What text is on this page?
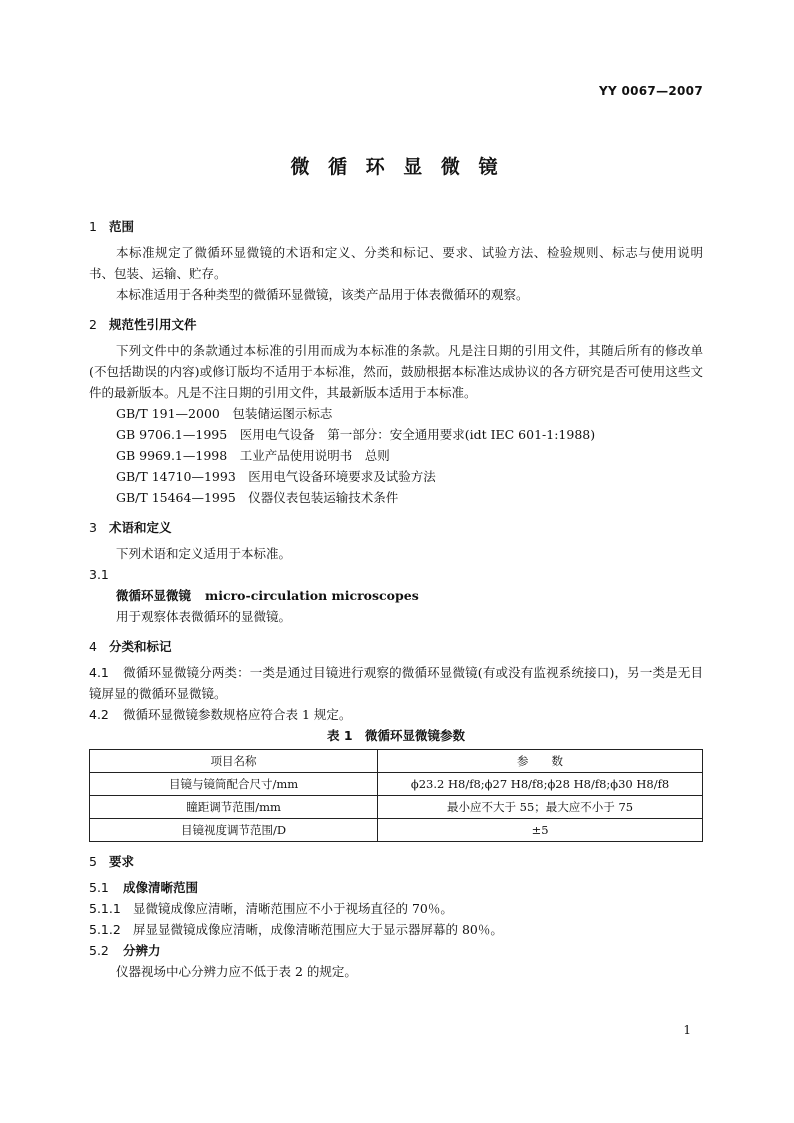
YY 0067—2007
微 循 环 显 微 镜

1 范围

本标准规定了微循环显微镜的术语和定义、分类和标记、要求、试验方法、检验规则、标志与使用说明书、包装、运输、贮存。

本标准适用于各种类型的微循环显微镜，该类产品用于体表微循环的观察。

2 规范性引用文件

下列文件中的条款通过本标准的引用而成为本标准的条款。凡是注日期的引用文件，其随后所有的修改单(不包括勘误的内容)或修订版均不适用于本标准，然而，鼓励根据本标准达成协议的各方研究是否可使用这些文件的最新版本。凡是不注日期的引用文件，其最新版本适用于本标准。

GB/T 191—2000　包装储运图示标志

GB 9706.1—1995　医用电气设备　第一部分：安全通用要求(idt IEC 601-1:1988)

GB 9969.1—1998　工业产品使用说明书　总则

GB/T 14710—1993　医用电气设备环境要求及试验方法

GB/T 15464—1995　仪器仪表包装运输技术条件

3 术语和定义

下列术语和定义适用于本标准。

3.1

微循环显微镜 micro-circulation microscopes

用于观察体表微循环的显微镜。

4 分类和标记

4.1 微循环显微镜分两类：一类是通过目镜进行观察的微循环显微镜(有或没有监视系统接口)，另一类是无目镜屏显的微循环显微镜。

4.2 微循环显微镜参数规格应符合表 1 规定。

表 1　微循环显微镜参数

项目名称	参　　数
目镜与镜筒配合尺寸/mm	ϕ23.2 H8/f8;ϕ27 H8/f8;ϕ28 H8/f8;ϕ30 H8/f8
瞳距调节范围/mm	最小应不大于 55；最大应不小于 75
目镜视度调节范围/D	±5

5 要求

5.1 成像清晰范围

5.1.1 显微镜成像应清晰，清晰范围应不小于视场直径的 70％。

5.1.2 屏显显微镜成像应清晰，成像清晰范围应大于显示器屏幕的 80％。

5.2 分辨力

仪器视场中心分辨力应不低于表 2 的规定。

1
